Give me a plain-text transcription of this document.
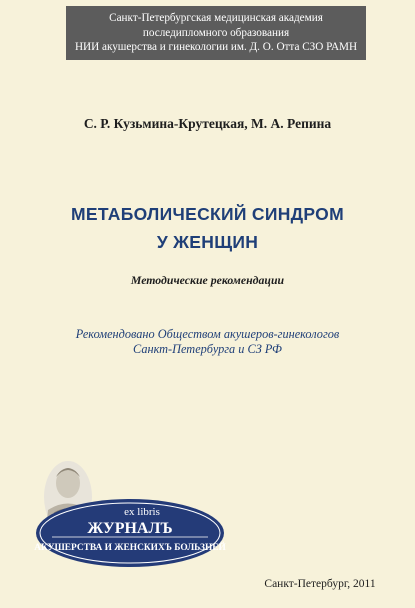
Санкт-Петербургская медицинская академия
последипломного образования
НИИ акушерства и гинекологии им. Д. О. Отта СЗО РАМН
С. Р. Кузьмина-Крутецкая, М. А. Репина
МЕТАБОЛИЧЕСКИЙ СИНДРОМ
У ЖЕНЩИН
Методические рекомендации
Рекомендовано Обществом акушеров-гинекологов
Санкт-Петербурга и СЗ РФ
ex libris
ЖУРНАЛЪ
АКУШЕРСТВА И ЖЕНСКИХЪ БОЛЬЗНЕЙ
Санкт-Петербург, 2011
